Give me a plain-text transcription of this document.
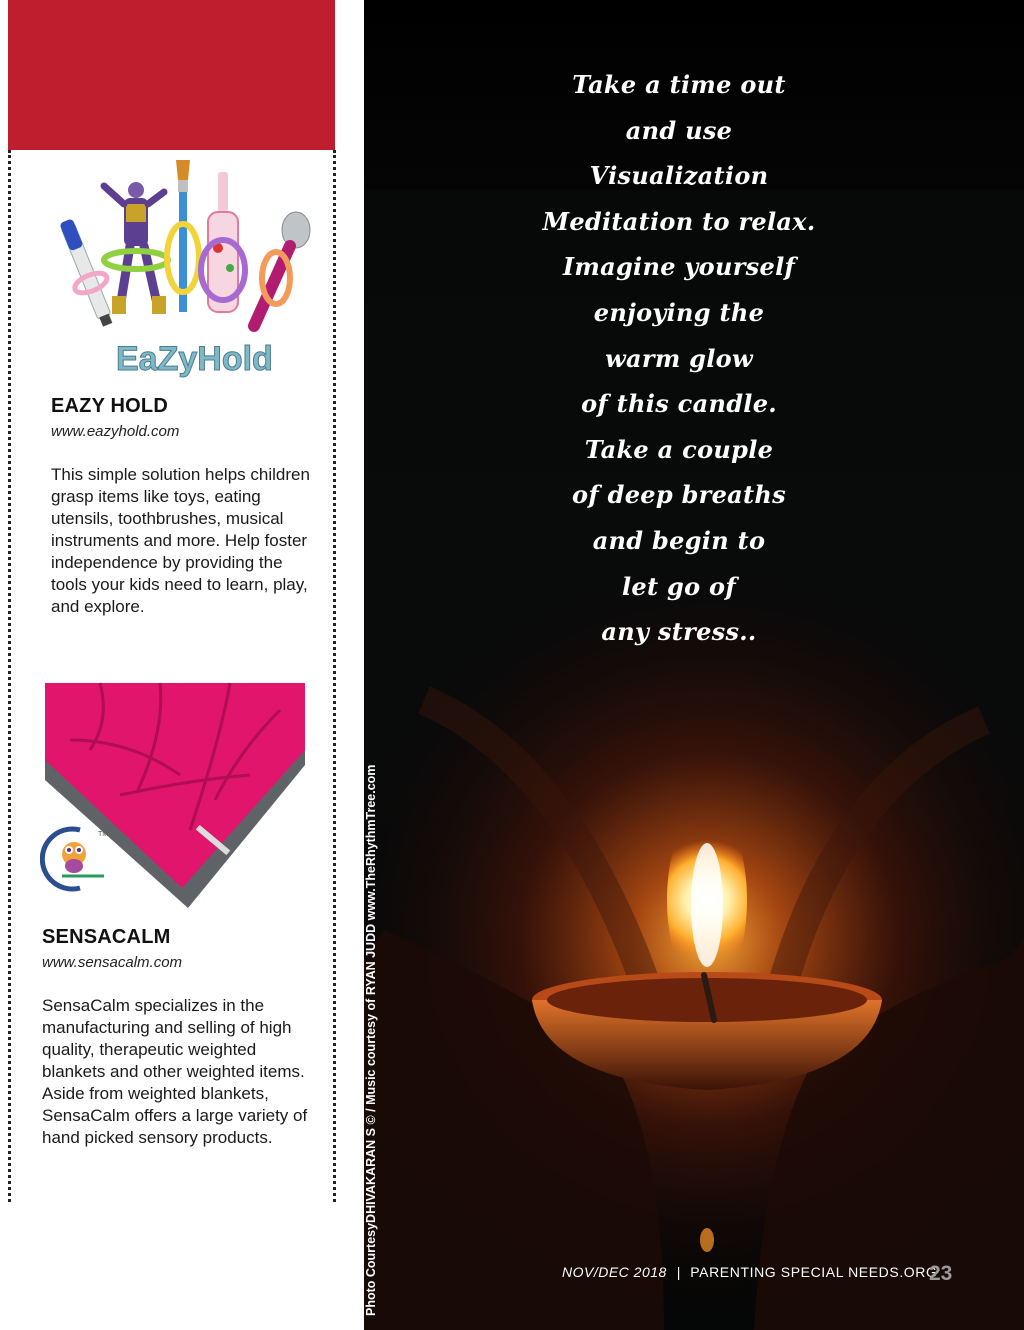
EaZyHold
EAZY HOLD
www.eazyhold.com

This simple solution helps children grasp items like toys, eating utensils, toothbrushes, musical instruments and more. Help foster independence by providing the tools your kids need to learn, play, and explore.

TM
SENSACALM
www.sensacalm.com

SensaCalm specializes in the manufacturing and selling of high quality, therapeutic weighted blankets and other weighted items. Aside from weighted blankets, SensaCalm offers a large variety of hand picked sensory products.

Take a time out
and use
Visualization
Meditation to relax.
Imagine yourself
enjoying the
warm glow
of this candle.
Take a couple
of deep breaths
and begin to
let go of
any stress..
Photo CourtesyDHIVAKARAN S © / Music courtesy of RYAN JUDD www.TheRhythmTree.com	NOV/DEC 2018 | PARENTING SPECIAL NEEDS.ORG
23
